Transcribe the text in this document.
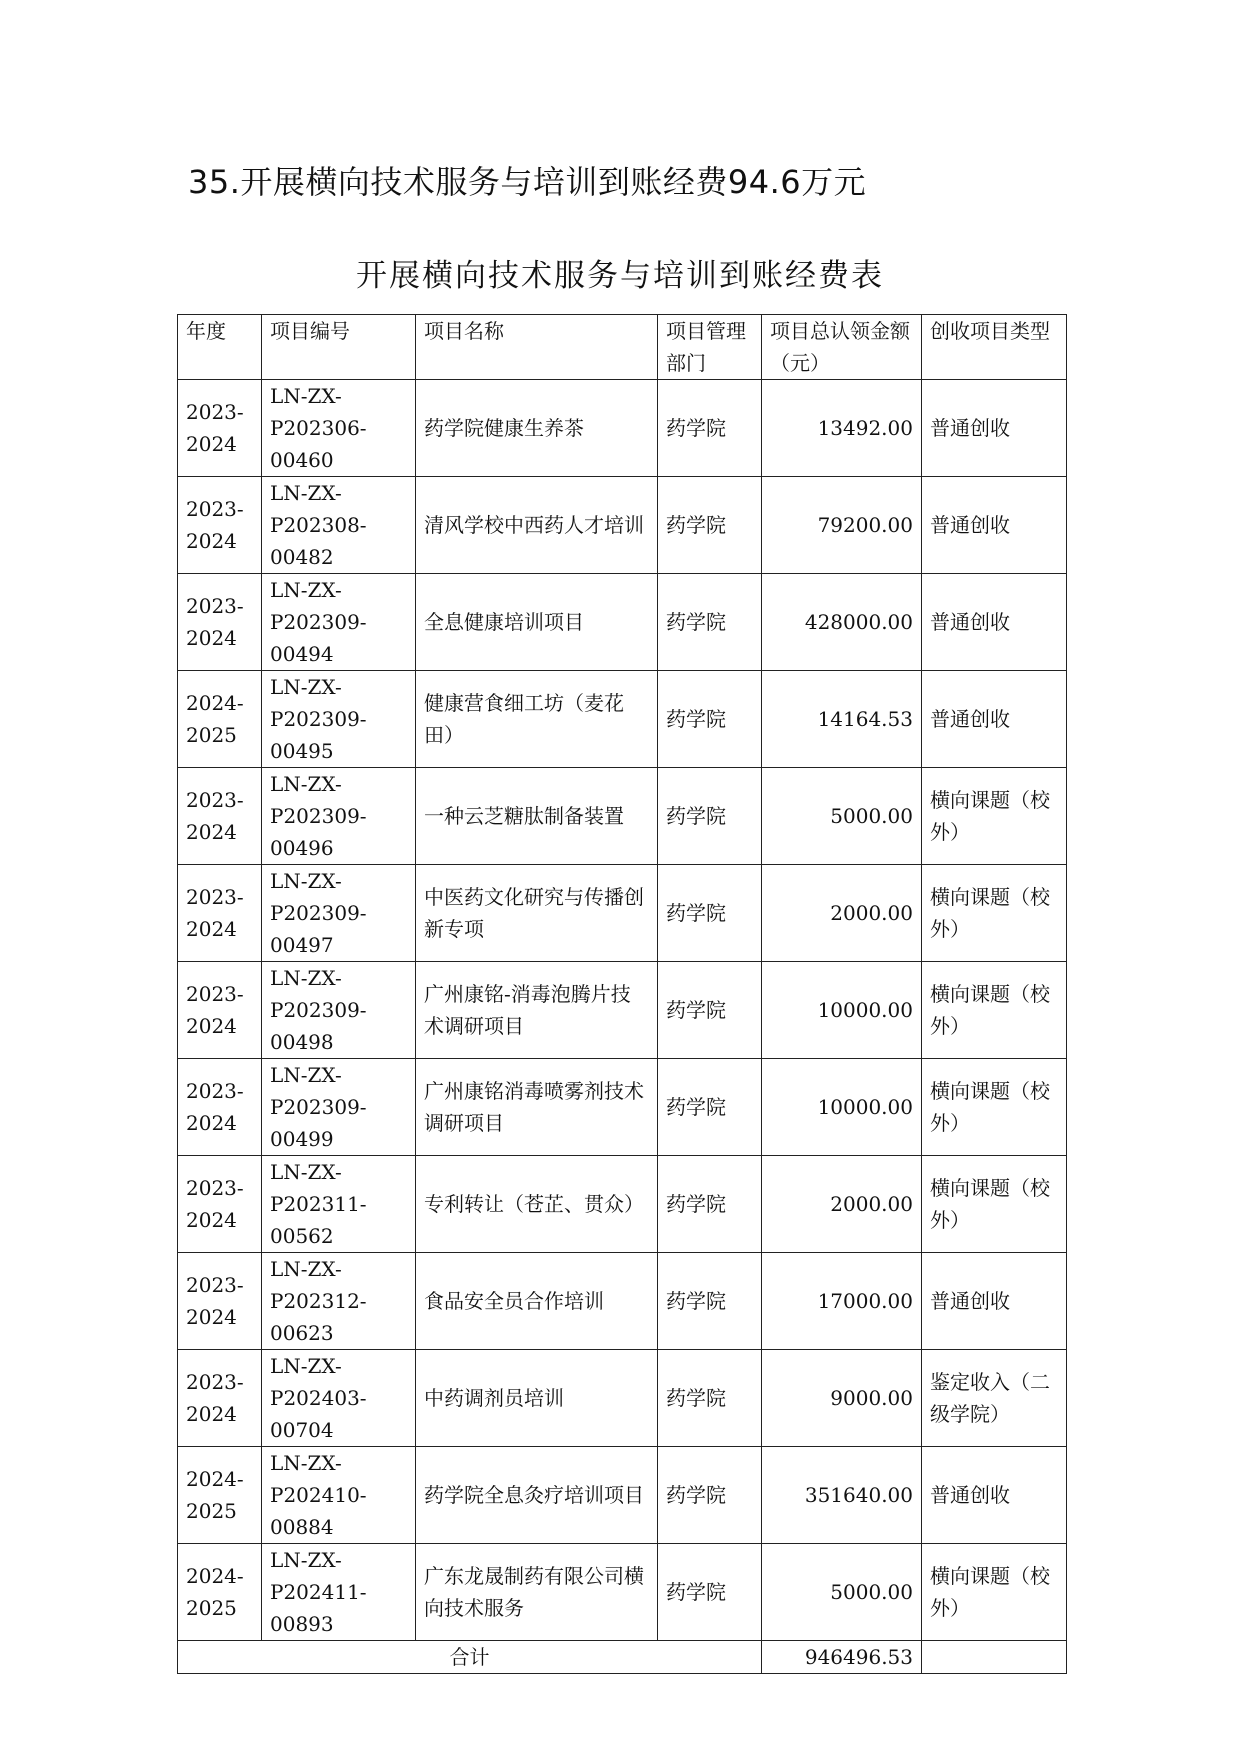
35.开展横向技术服务与培训到账经费94.6万元
开展横向技术服务与培训到账经费表
年度	项目编号	项目名称	项目管理部门	项目总认领金额（元）	创收项目类型
2023-2024	LN-ZX-P202306-00460	药学院健康生养茶	药学院	13492.00	普通创收
2023-2024	LN-ZX-P202308-00482	清风学校中西药人才培训	药学院	79200.00	普通创收
2023-2024	LN-ZX-P202309-00494	全息健康培训项目	药学院	428000.00	普通创收
2024-2025	LN-ZX-P202309-00495	健康营食细工坊（麦花田）	药学院	14164.53	普通创收
2023-2024	LN-ZX-P202309-00496	一种云芝糖肽制备装置	药学院	5000.00	横向课题（校外）
2023-2024	LN-ZX-P202309-00497	中医药文化研究与传播创新专项	药学院	2000.00	横向课题（校外）
2023-2024	LN-ZX-P202309-00498	广州康铭-消毒泡腾片技术调研项目	药学院	10000.00	横向课题（校外）
2023-2024	LN-ZX-P202309-00499	广州康铭消毒喷雾剂技术调研项目	药学院	10000.00	横向课题（校外）
2023-2024	LN-ZX-P202311-00562	专利转让（苍芷、贯众）	药学院	2000.00	横向课题（校外）
2023-2024	LN-ZX-P202312-00623	食品安全员合作培训	药学院	17000.00	普通创收
2023-2024	LN-ZX-P202403-00704	中药调剂员培训	药学院	9000.00	鉴定收入（二级学院）
2024-2025	LN-ZX-P202410-00884	药学院全息灸疗培训项目	药学院	351640.00	普通创收
2024-2025	LN-ZX-P202411-00893	广东龙晟制药有限公司横向技术服务	药学院	5000.00	横向课题（校外）
合计				946496.53	
